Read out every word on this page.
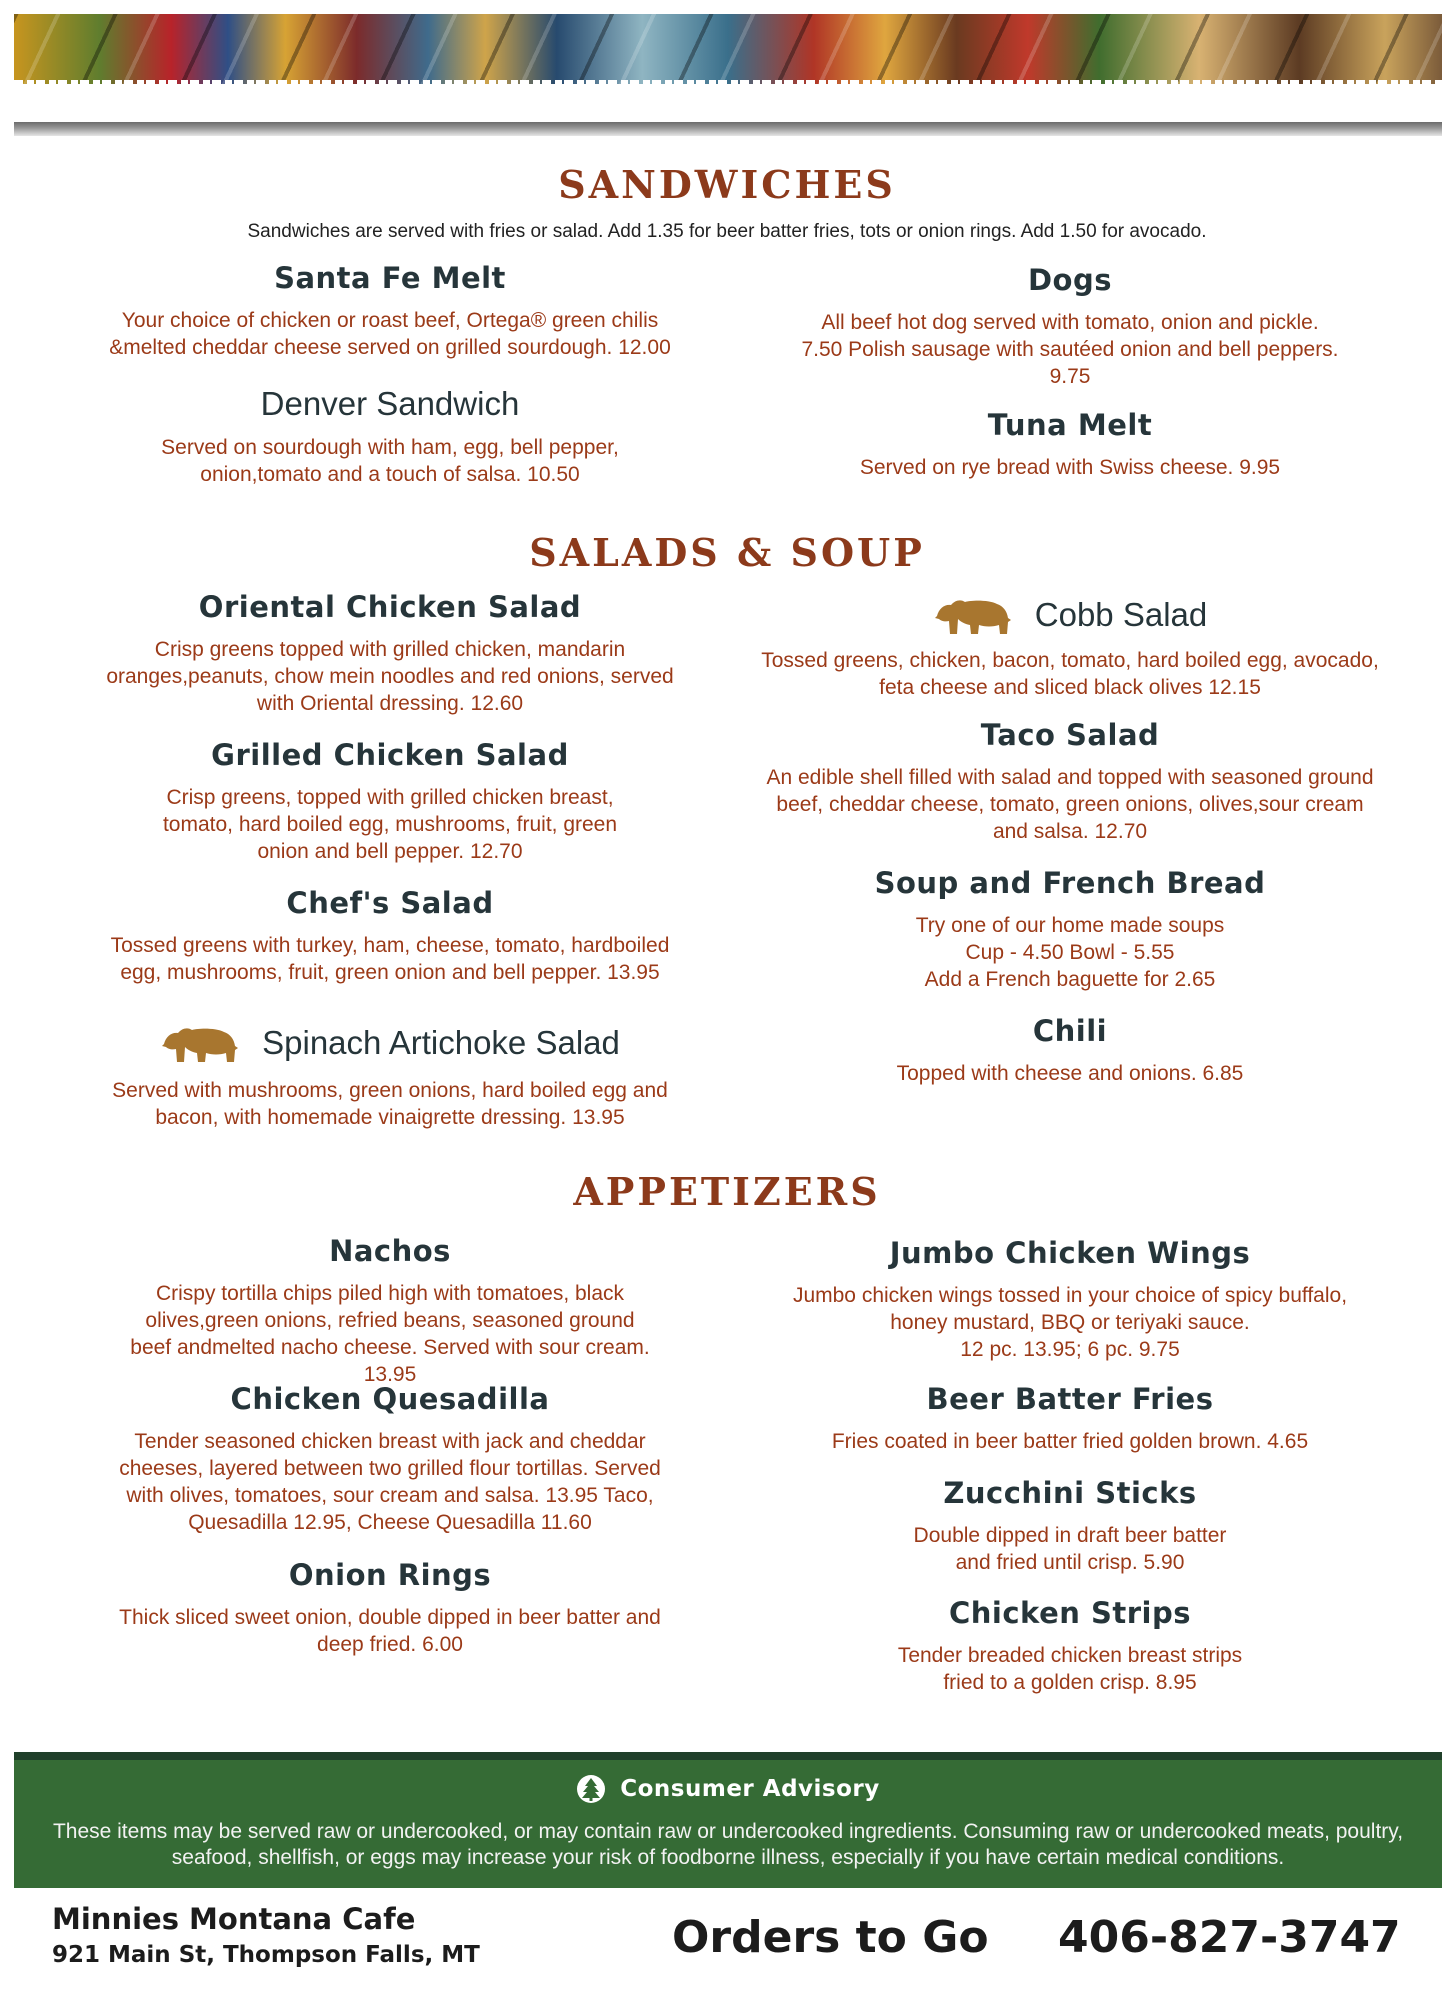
SANDWICHES
Sandwiches are served with fries or salad. Add 1.35 for beer batter fries, tots or onion rings. Add 1.50 for avocado.
Santa Fe Melt
Your choice of chicken or roast beef, Ortega® green chilis &melted cheddar cheese served on grilled sourdough. 12.00
Denver Sandwich
Served on sourdough with ham, egg, bell pepper, onion,tomato and a touch of salsa. 10.50
Dogs
All beef hot dog served with tomato, onion and pickle. 7.50 Polish sausage with sautéed onion and bell peppers. 9.75
Tuna Melt
Served on rye bread with Swiss cheese. 9.95
SALADS & SOUP
Oriental Chicken Salad
Crisp greens topped with grilled chicken, mandarin oranges,peanuts, chow mein noodles and red onions, served with Oriental dressing. 12.60
Grilled Chicken Salad
Crisp greens, topped with grilled chicken breast, tomato, hard boiled egg, mushrooms, fruit, green onion and bell pepper. 12.70
Chef's Salad
Tossed greens with turkey, ham, cheese, tomato, hardboiled egg, mushrooms, fruit, green onion and bell pepper. 13.95
Spinach Artichoke Salad
Served with mushrooms, green onions, hard boiled egg and bacon, with homemade vinaigrette dressing. 13.95
Cobb Salad
Tossed greens, chicken, bacon, tomato, hard boiled egg, avocado, feta cheese and sliced black olives 12.15
Taco Salad
An edible shell filled with salad and topped with seasoned ground beef, cheddar cheese, tomato, green onions, olives,sour cream and salsa. 12.70
Soup and French Bread
Try one of our home made soups
Cup - 4.50 Bowl - 5.55
Add a French baguette for 2.65
Chili
Topped with cheese and onions. 6.85
APPETIZERS
Nachos
Crispy tortilla chips piled high with tomatoes, black olives,green onions, refried beans, seasoned ground beef andmelted nacho cheese. Served with sour cream. 13.95
Chicken Quesadilla
Tender seasoned chicken breast with jack and cheddar cheeses, layered between two grilled flour tortillas. Served with olives, tomatoes, sour cream and salsa. 13.95 Taco, Quesadilla 12.95, Cheese Quesadilla 11.60
Onion Rings
Thick sliced sweet onion, double dipped in beer batter and deep fried. 6.00
Jumbo Chicken Wings
Jumbo chicken wings tossed in your choice of spicy buffalo,
honey mustard, BBQ or teriyaki sauce.
12 pc. 13.95; 6 pc. 9.75
Beer Batter Fries
Fries coated in beer batter fried golden brown. 4.65
Zucchini Sticks
Double dipped in draft beer batter
and fried until crisp. 5.90
Chicken Strips
Tender breaded chicken breast strips
fried to a golden crisp. 8.95
Consumer Advisory
These items may be served raw or undercooked, or may contain raw or undercooked ingredients. Consuming raw or undercooked meats, poultry, seafood, shellfish, or eggs may increase your risk of foodborne illness, especially if you have certain medical conditions.
Minnies Montana Cafe
921 Main St, Thompson Falls, MT	Orders to Go 406-827-3747
